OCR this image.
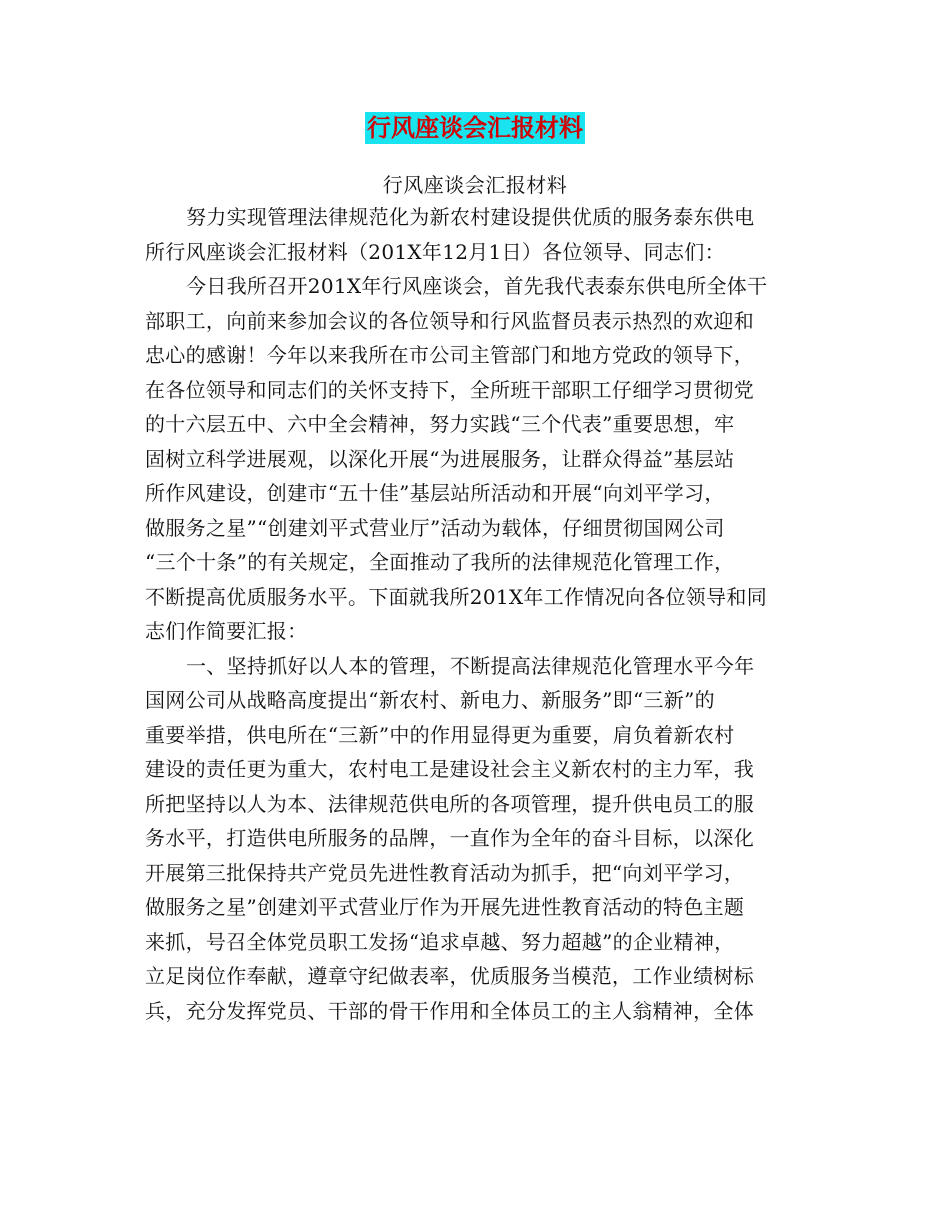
行风座谈会汇报材料
行风座谈会汇报材料
努力实现管理法律规范化为新农村建设提供优质的服务泰东供电
所行风座谈会汇报材料（201X年12月1日）各位领导、同志们：
今日我所召开201X年行风座谈会，首先我代表泰东供电所全体干
部职工，向前来参加会议的各位领导和行风监督员表示热烈的欢迎和
忠心的感谢！今年以来我所在市公司主管部门和地方党政的领导下，
在各位领导和同志们的关怀支持下，全所班干部职工仔细学习贯彻党
的十六层五中、六中全会精神，努力实践“三个代表”重要思想，牢
固树立科学进展观，以深化开展“为进展服务，让群众得益”基层站
所作风建设，创建市“五十佳”基层站所活动和开展“向刘平学习，
做服务之星”“创建刘平式营业厅”活动为载体，仔细贯彻国网公司
“三个十条”的有关规定，全面推动了我所的法律规范化管理工作，
不断提高优质服务水平。下面就我所201X年工作情况向各位领导和同
志们作简要汇报：
一、坚持抓好以人本的管理，不断提高法律规范化管理水平今年
国网公司从战略高度提出“新农村、新电力、新服务”即“三新”的
重要举措，供电所在“三新”中的作用显得更为重要，肩负着新农村
建设的责任更为重大，农村电工是建设社会主义新农村的主力军，我
所把坚持以人为本、法律规范供电所的各项管理，提升供电员工的服
务水平，打造供电所服务的品牌，一直作为全年的奋斗目标，以深化
开展第三批保持共产党员先进性教育活动为抓手，把“向刘平学习，
做服务之星”创建刘平式营业厅作为开展先进性教育活动的特色主题
来抓，号召全体党员职工发扬“追求卓越、努力超越”的企业精神，
立足岗位作奉献，遵章守纪做表率，优质服务当模范，工作业绩树标
兵，充分发挥党员、干部的骨干作用和全体员工的主人翁精神，全体
